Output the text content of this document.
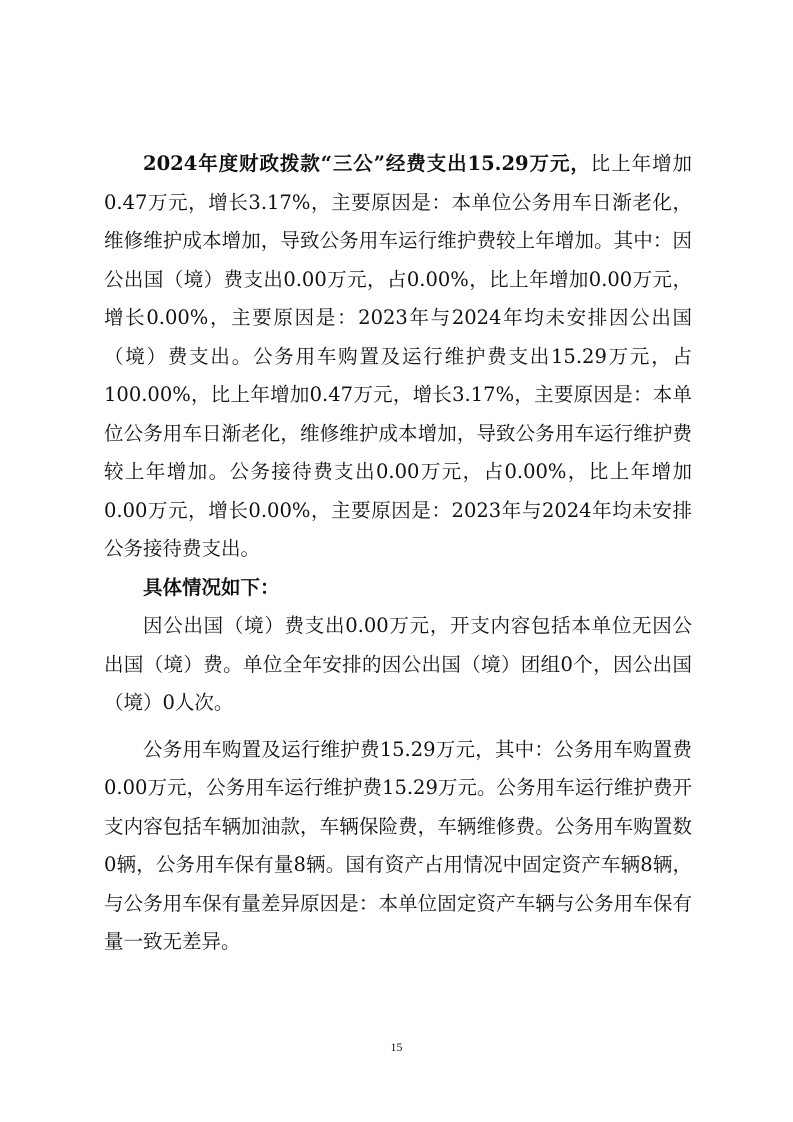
2024年度财政拨款“三公”经费支出15.29万元，比上年增加0.47万元，增长3.17%，主要原因是：本单位公务用车日渐老化，维修维护成本增加，导致公务用车运行维护费较上年增加。其中：因公出国（境）费支出0.00万元，占0.00%，比上年增加0.00万元，增长0.00%，主要原因是：2023年与2024年均未安排因公出国（境）费支出。公务用车购置及运行维护费支出15.29万元，占100.00%，比上年增加0.47万元，增长3.17%，主要原因是：本单位公务用车日渐老化，维修维护成本增加，导致公务用车运行维护费较上年增加。公务接待费支出0.00万元，占0.00%，比上年增加0.00万元，增长0.00%，主要原因是：2023年与2024年均未安排公务接待费支出。

具体情况如下：

因公出国（境）费支出0.00万元，开支内容包括本单位无因公出国（境）费。单位全年安排的因公出国（境）团组0个，因公出国（境）0人次。

公务用车购置及运行维护费15.29万元，其中：公务用车购置费0.00万元，公务用车运行维护费15.29万元。公务用车运行维护费开支内容包括车辆加油款，车辆保险费，车辆维修费。公务用车购置数0辆，公务用车保有量8辆。国有资产占用情况中固定资产车辆8辆，与公务用车保有量差异原因是：本单位固定资产车辆与公务用车保有量一致无差异。

15
